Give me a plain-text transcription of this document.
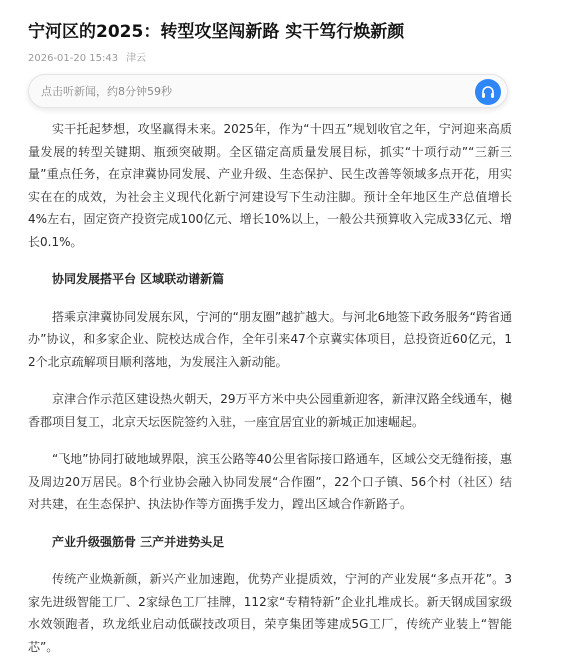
宁河区的2025：转型攻坚闯新路 实干笃行焕新颜
2026-01-20 15:43 津云
点击听新闻，约8分钟59秒

实干托起梦想，攻坚赢得未来。2025年，作为“十四五”规划收官之年，宁河迎来高质量发展的转型关键期、瓶颈突破期。全区锚定高质量发展目标，抓实“十项行动”“三新三量”重点任务，在京津冀协同发展、产业升级、生态保护、民生改善等领域多点开花，用实实在在的成效，为社会主义现代化新宁河建设写下生动注脚。预计全年地区生产总值增长4%左右，固定资产投资完成100亿元、增长10%以上，一般公共预算收入完成33亿元、增长0.1%。

协同发展搭平台 区域联动谱新篇

搭乘京津冀协同发展东风，宁河的“朋友圈”越扩越大。与河北6地签下政务服务“跨省通办”协议，和多家企业、院校达成合作，全年引来47个京冀实体项目，总投资近60亿元，12个北京疏解项目顺利落地，为发展注入新动能。

京津合作示范区建设热火朝天，29万平方米中央公园重新迎客，新津汉路全线通车，樾香郡项目复工，北京天坛医院签约入驻，一座宜居宜业的新城正加速崛起。

“飞地”协同打破地域界限，滨玉公路等40公里省际接口路通车，区域公交无缝衔接，惠及周边20万居民。8个行业协会融入协同发展“合作圈”，22个口子镇、56个村（社区）结对共建，在生态保护、执法协作等方面携手发力，蹚出区域合作新路子。

产业升级强筋骨 三产并进势头足

传统产业焕新颜，新兴产业加速跑，优势产业提质效，宁河的产业发展“多点开花”。3家先进级智能工厂、2家绿色工厂挂牌，112家“专精特新”企业扎堆成长。新天钢成国家级水效领跑者，玖龙纸业启动低碳技改项目，荣亨集团等建成5G工厂，传统产业装上“智能芯”。
